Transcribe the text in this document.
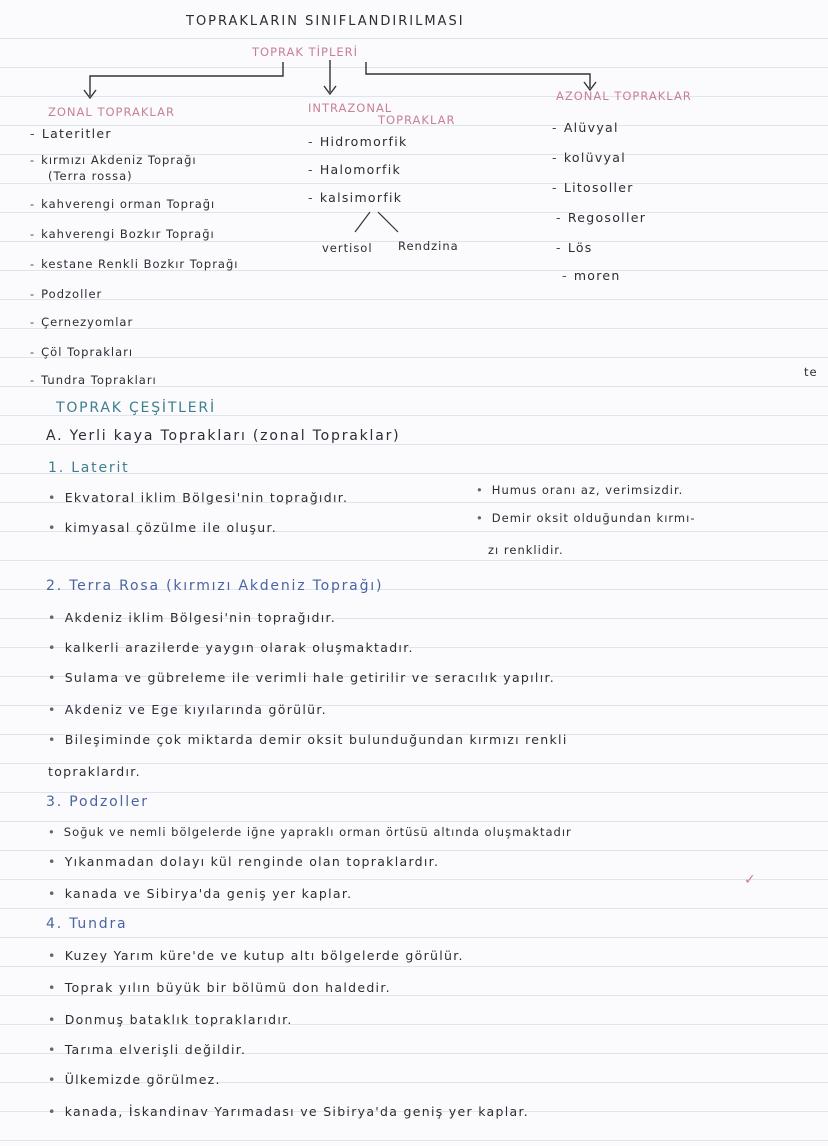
TOPRAKLARIN SINIFLANDIRILMASI
TOPRAK TİPLERİ
ZONAL TOPRAKLAR
- Lateritler
- kırmızı Akdeniz Toprağı
(Terra rossa)
- kahverengi orman Toprağı
- kahverengi Bozkır Toprağı
- kestane Renkli Bozkır Toprağı
- Podzoller
- Çernezyomlar
- Çöl Toprakları
- Tundra Toprakları
INTRAZONAL
TOPRAKLAR
- Hidromorfik
- Halomorfik
- kalsimorfik
vertisol Rendzina
AZONAL TOPRAKLAR
- Alüvyal
- kolüvyal
- Litosoller
- Regosoller
- Lös
- moren
te
TOPRAK ÇEŞİTLERİ
A. Yerli kaya Toprakları (zonal Topraklar)
1. Laterit
• Ekvatoral iklim Bölgesi'nin toprağıdır.
• kimyasal çözülme ile oluşur.
• Humus oranı az, verimsizdir.
• Demir oksit olduğundan kırmı-
zı renklidir.
2. Terra Rosa (kırmızı Akdeniz Toprağı)
• Akdeniz iklim Bölgesi'nin toprağıdır.
• kalkerli arazilerde yaygın olarak oluşmaktadır.
• Sulama ve gübreleme ile verimli hale getirilir ve seracılık yapılır.
• Akdeniz ve Ege kıyılarında görülür.
• Bileşiminde çok miktarda demir oksit bulunduğundan kırmızı renkli
topraklardır.
3. Podzoller
• Soğuk ve nemli bölgelerde iğne yapraklı orman örtüsü altında oluşmaktadır
• Yıkanmadan dolayı kül renginde olan topraklardır.
• kanada ve Sibirya'da geniş yer kaplar.
4. Tundra
• Kuzey Yarım küre'de ve kutup altı bölgelerde görülür.
• Toprak yılın büyük bir bölümü don haldedir.
• Donmuş bataklık topraklarıdır.
• Tarıma elverişli değildir.
• Ülkemizde görülmez.
• kanada, İskandinav Yarımadası ve Sibirya'da geniş yer kaplar.
✓
